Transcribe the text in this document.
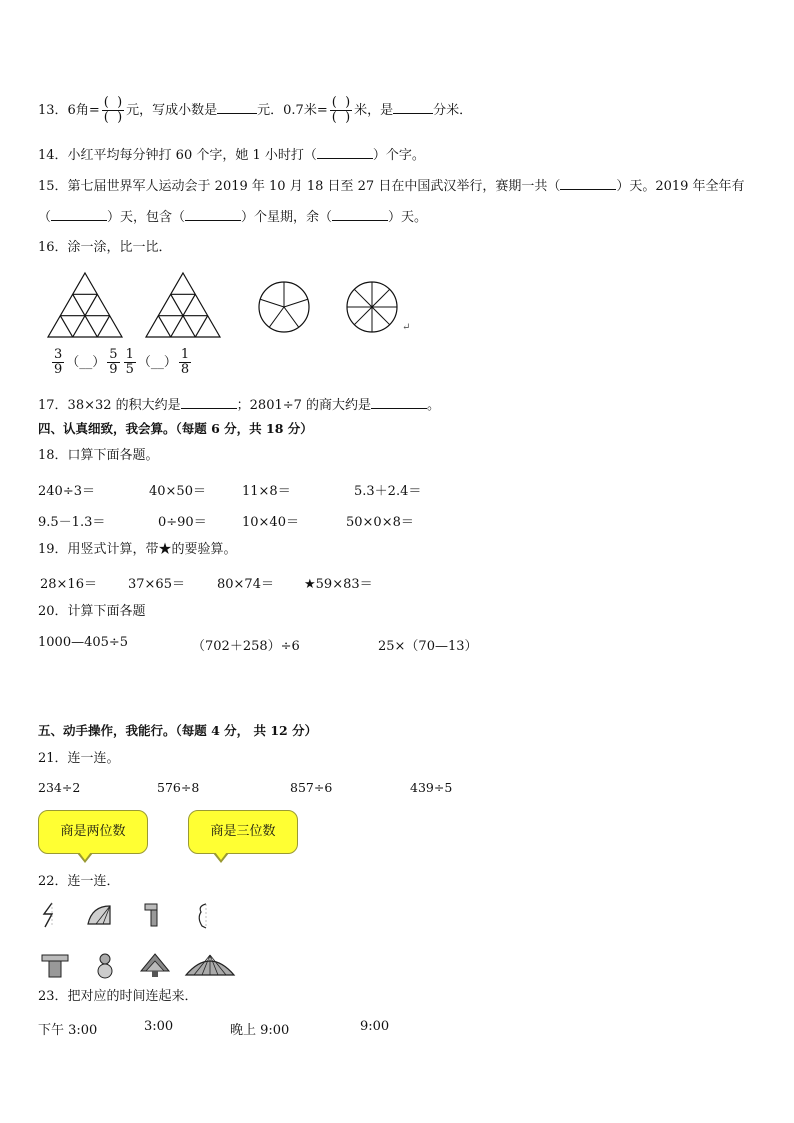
13．6角= $\frac{( )}{( )}$ 元，写成小数是	元．0.7米= $\frac{( )}{( )}$ 米，是	分米．
14．小红平均每分钟打 60 个字，她 1 小时打（	）个字。
15．第七届世界军人运动会于 2019 年 10 月 18 日至 27 日在中国武汉举行，赛期一共（	）天。2019 年全年有
（	）天，包含（	）个星期，余（	）天。
16．涂一涂，比一比．
↵
$\frac{3}{9}$ （__） $\frac{5}{9} \frac{1}{5}$ （__） $\frac{1}{8}$
17．38×32 的积大约是	；2801÷7 的商大约是	。
四、认真细致，我会算。（每题 6 分，共 18 分）
18．口算下面各题。
240÷3＝	40×50＝	11×8＝	5.3＋2.4＝
9.5－1.3＝	0÷90＝	10×40＝	50×0×8＝
19．用竖式计算，带★的要验算。
28×16＝ 37×65＝ 80×74＝ ★59×83＝
20．计算下面各题
1000—405÷5	（702＋258）÷6	25×（70—13）
五、动手操作，我能行。（每题 4 分， 共 12 分）
21．连一连。
234÷2	576÷8	857÷6	439÷5
商是两位数	商是三位数
22．连一连．
23．把对应的时间连起来．
下午 3:00	3:00	晚上 9:00	9:00
